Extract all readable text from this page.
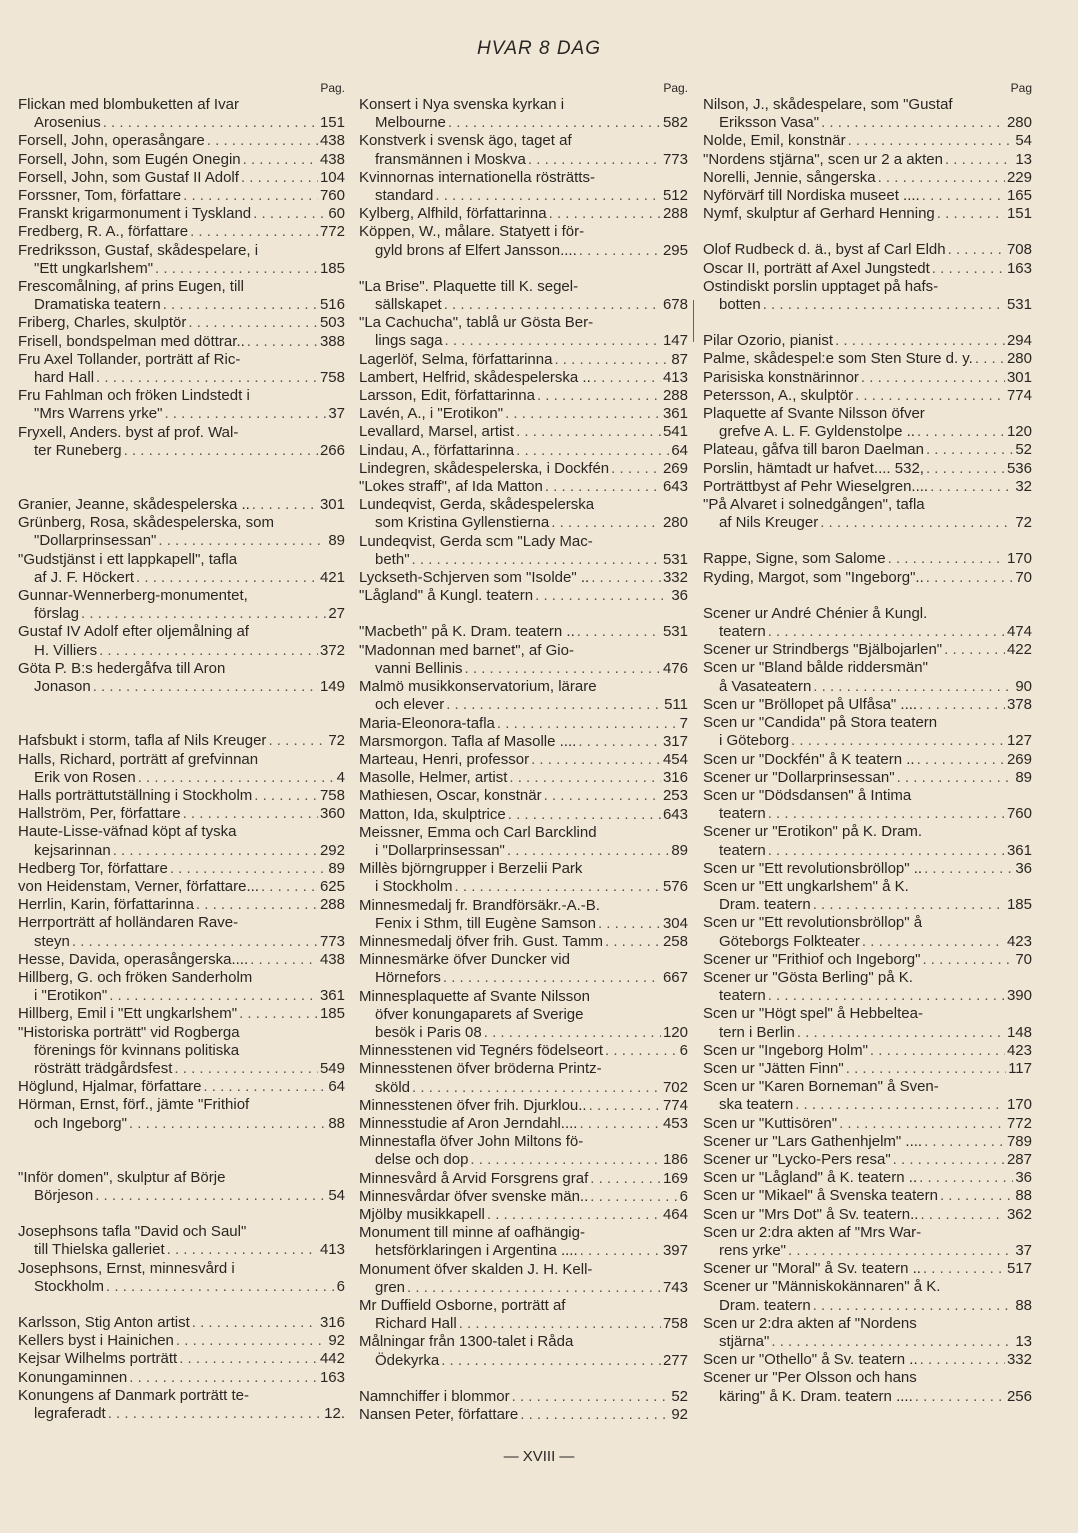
HVAR 8 DAG
Pag.
Flickan med blombuketten af Ivar
Arosenius . . .	151
Forsell, John, operasångare . . .	438
Forsell, John, som Eugén Onegin . . .	438
Forsell, John, som Gustaf II Adolf . . .	104
Forssner, Tom, författare . . .	760
Franskt krigarmonument i Tyskland . . .	60
Fredberg, R. A., författare . . .	772
Fredriksson, Gustaf, skådespelare, i
"Ett ungkarlshem" . . .	185
Frescomålning, af prins Eugen, till
Dramatiska teatern . . .	516
Friberg, Charles, skulptör . . .	503
Frisell, bondspelman med döttrar.. . . .	388
Fru Axel Tollander, porträtt af Ric-
hard Hall . . .	758
Fru Fahlman och fröken Lindstedt i
"Mrs Warrens yrke" . . .	37
Fryxell, Anders. byst af prof. Wal-
ter Runeberg . . .	266
Granier, Jeanne, skådespelerska .. . . .	301
Grünberg, Rosa, skådespelerska, som
"Dollarprinsessan" . . .	89
"Gudstjänst i ett lappkapell", tafla
af J. F. Höckert . . .	421
Gunnar-Wennerberg-monumentet,
förslag . . .	27
Gustaf IV Adolf efter oljemålning af
H. Villiers . . .	372
Göta P. B:s hedergåfva till Aron
Jonason . . .	149
Hafsbukt i storm, tafla af Nils Kreuger . . .	72
Halls, Richard, porträtt af grefvinnan
Erik von Rosen . . .	4
Halls porträttutställning i Stockholm . . .	758
Hallström, Per, författare . . .	360
Haute-Lisse-väfnad köpt af tyska
kejsarinnan . . .	292
Hedberg Tor, författare . . .	89
von Heidenstam, Verner, författare... . . .	625
Herrlin, Karin, författarinna . . .	288
Herrporträtt af holländaren Rave-
steyn . . .	773
Hesse, Davida, operasångerska.... . . .	438
Hillberg, G. och fröken Sanderholm
i "Erotikon" . . .	361
Hillberg, Emil i "Ett ungkarlshem" . . .	185
"Historiska porträtt" vid Rogberga
förenings för kvinnans politiska
rösträtt trädgårdsfest . . .	549
Höglund, Hjalmar, författare . . .	64
Hörman, Ernst, förf., jämte "Frithiof
och Ingeborg" . . .	88
"Inför domen", skulptur af Börje
Börjeson . . .	54
Josephsons tafla "David och Saul"
till Thielska galleriet . . .	413
Josephsons, Ernst, minnesvård i
Stockholm . . .	6
Karlsson, Stig Anton artist . . .	316
Kellers byst i Hainichen . . .	92
Kejsar Wilhelms porträtt . . .	442
Konungaminnen . . .	163
Konungens af Danmark porträtt te-
legraferadt . . .	12.
Pag.
Konsert i Nya svenska kyrkan i
Melbourne . . .	582
Konstverk i svensk ägo, taget af
fransmännen i Moskva . . .	773
Kvinnornas internationella rösträtts-
standard . . .	512
Kylberg, Alfhild, författarinna . . .	288
Köppen, W., målare. Statyett i för-
gyld brons af Elfert Jansson.... . . .	295
"La Brise". Plaquette till K. segel-
sällskapet . . .	678
"La Cachucha", tablå ur Gösta Ber-
lings saga . . .	147
Lagerlöf, Selma, författarinna . . .	87
Lambert, Helfrid, skådespelerska .. . . .	413
Larsson, Edit, författarinna . . .	288
Lavén, A., i "Erotikon" . . .	361
Levallard, Marsel, artist . . .	541
Lindau, A., författarinna . . .	64
Lindegren, skådespelerska, i Dockfén . . .	269
"Lokes straff", af Ida Matton . . .	643
Lundeqvist, Gerda, skådespelerska
som Kristina Gyllenstierna . . .	280
Lundeqvist, Gerda scm "Lady Mac-
beth" . . .	531
Lyckseth-Schjerven som "Isolde" .. . . .	332
"Lågland" å Kungl. teatern . . .	36
"Macbeth" på K. Dram. teatern .. . . .	531
"Madonnan med barnet", af Gio-
vanni Bellinis . . .	476
Malmö musikkonservatorium, lärare
och elever . . .	511
Maria-Eleonora-tafla . . .	7
Marsmorgon. Tafla af Masolle .... . . .	317
Marteau, Henri, professor . . .	454
Masolle, Helmer, artist . . .	316
Mathiesen, Oscar, konstnär . . .	253
Matton, Ida, skulptrice . . .	643
Meissner, Emma och Carl Barcklind
i "Dollarprinsessan" . . .	89
Millès björngrupper i Berzelii Park
i Stockholm . . .	576
Minnesmedalj fr. Brandförsäkr.-A.-B.
Fenix i Sthm, till Eugène Samson . . .	304
Minnesmedalj öfver frih. Gust. Tamm . . .	258
Minnesmärke öfver Duncker vid
Hörnefors . . .	667
Minnesplaquette af Svante Nilsson
öfver konungaparets af Sverige
besök i Paris 08 . . .	120
Minnesstenen vid Tegnérs födelseort . . .	6
Minnesstenen öfver bröderna Printz-
sköld . . .	702
Minnesstenen öfver frih. Djurklou.. . . .	774
Minnesstudie af Aron Jerndahl.... . . .	453
Minnestafla öfver John Miltons fö-
delse och dop . . .	186
Minnesvård å Arvid Forsgrens graf . . .	169
Minnesvårdar öfver svenske män.. . . .	6
Mjölby musikkapell . . .	464
Monument till minne af oafhängig-
hetsförklaringen i Argentina .... . . .	397
Monument öfver skalden J. H. Kell-
gren . . .	743
Mr Duffield Osborne, porträtt af
Richard Hall . . .	758
Målningar från 1300-talet i Råda
Ödekyrka . . .	277
Namnchiffer i blommor . . .	52
Nansen Peter, författare . . .	92
Pag
Nilson, J., skådespelare, som "Gustaf
Eriksson Vasa" . . .	280
Nolde, Emil, konstnär . . .	54
"Nordens stjärna", scen ur 2 a akten . . .	13
Norelli, Jennie, sångerska . . .	229
Nyförvärf till Nordiska museet .... . . .	165
Nymf, skulptur af Gerhard Henning . . .	151
Olof Rudbeck d. ä., byst af Carl Eldh . . .	708
Oscar II, porträtt af Axel Jungstedt . . .	163
Ostindiskt porslin upptaget på hafs-
botten . . .	531
Pilar Ozorio, pianist . . .	294
Palme, skådespel:e som Sten Sture d. y. . . . 280
Parisiska konstnärinnor . . .	301
Petersson, A., skulptör . . .	774
Plaquette af Svante Nilsson öfver
grefve A. L. F. Gyldenstolpe .. . . .	120
Plateau, gåfva till baron Daelman . . .	52
Porslin, hämtadt ur hafvet.... 532, . . .	536
Porträttbyst af Pehr Wieselgren.... . . .	32
"På Alvaret i solnedgången", tafla
af Nils Kreuger . . .	72
Rappe, Signe, som Salome . . .	170
Ryding, Margot, som "Ingeborg".. . . .	70
Scener ur André Chénier å Kungl.
teatern . . .	474
Scener ur Strindbergs "Bjälbojarlen" . . .	422
Scen ur "Bland bålde riddersmän"
å Vasateatern . . .	90
Scen ur "Bröllopet på Ulfåsa" .... . . .	378
Scen ur "Candida" på Stora teatern
i Göteborg . . .	127
Scen ur "Dockfén" å K teatern .. . . .	269
Scener ur "Dollarprinsessan" . . .	89
Scen ur "Dödsdansen" å Intima
teatern . . .	760
Scener ur "Erotikon" på K. Dram.
teatern . . .	361
Scen ur "Ett revolutionsbröllop" .. . . .	36
Scen ur "Ett ungkarlshem" å K.
Dram. teatern . . .	185
Scen ur "Ett revolutionsbröllop" å
Göteborgs Folkteater . . .	423
Scener ur "Frithiof och Ingeborg" . . .	70
Scener ur "Gösta Berling" på K.
teatern . . .	390
Scen ur "Högt spel" å Hebbeltea-
tern i Berlin . . .	148
Scen ur "Ingeborg Holm" . . .	423
Scen ur "Jätten Finn" . . .	117
Scen ur "Karen Borneman" å Sven-
ska teatern . . .	170
Scen ur "Kuttisören" . . .	772
Scener ur "Lars Gathenhjelm" .... . . .	789
Scener ur "Lycko-Pers resa" . . .	287
Scen ur "Lågland" å K. teatern .. . . .	36
Scen ur "Mikael" å Svenska teatern . . .	88
Scen ur "Mrs Dot" å Sv. teatern.. . . .	362
Scen ur 2:dra akten af "Mrs War-
rens yrke" . . .	37
Scener ur "Moral" å Sv. teatern .. . . .	517
Scener ur "Människokännaren" å K.
Dram. teatern . . .	88
Scen ur 2:dra akten af "Nordens
stjärna" . . .	13
Scen ur "Othello" å Sv. teatern .. . . .	332
Scener ur "Per Olsson och hans
käring" å K. Dram. teatern .... . . .	256
— XVIII —
